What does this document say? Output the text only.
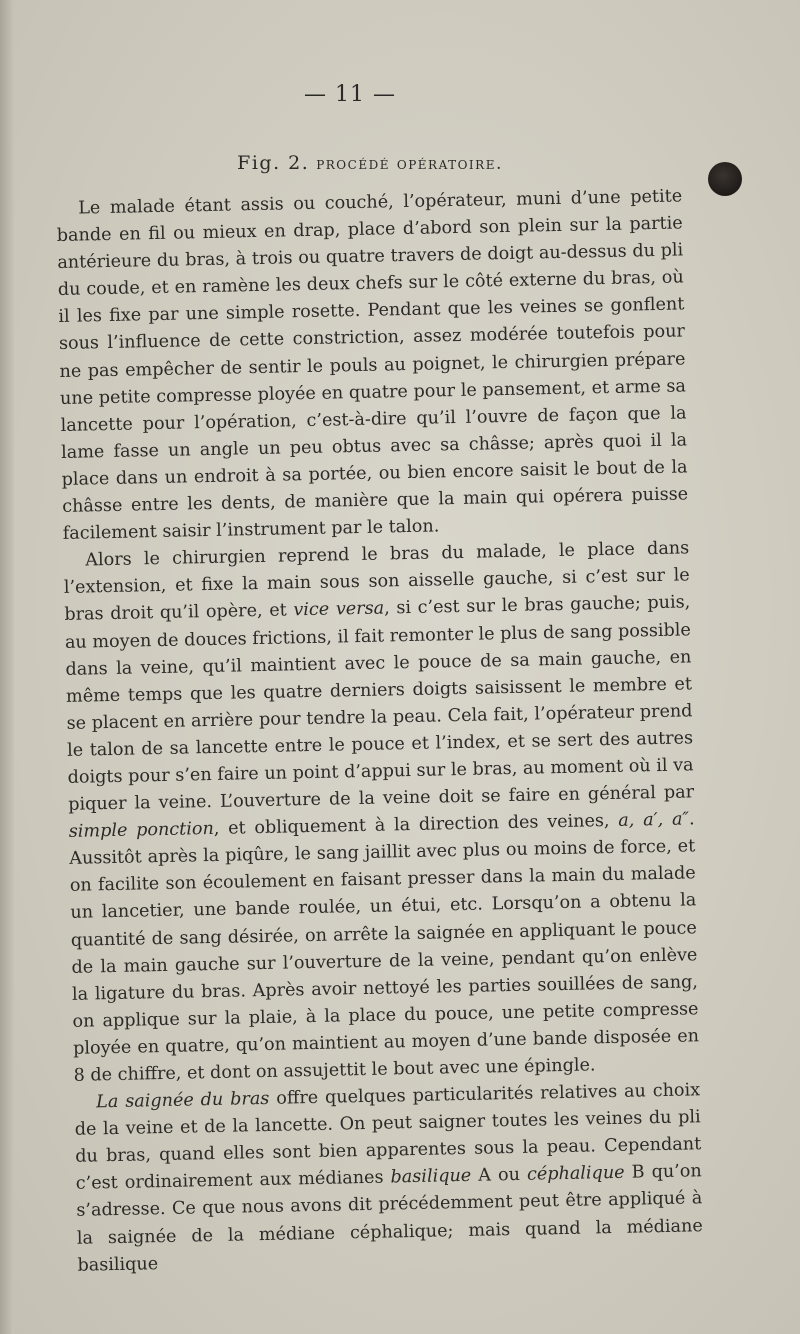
— 11 —
Fig. 2. procédé opératoire.

Le malade étant assis ou couché, l’opérateur, muni d’une petite bande en fil ou mieux en drap, place d’abord son plein sur la partie antérieure du bras, à trois ou quatre travers de doigt au-dessus du pli du coude, et en ramène les deux chefs sur le côté externe du bras, où il les fixe par une simple rosette. Pendant que les veines se gonflent sous l’influence de cette constriction, assez modérée toutefois pour ne pas empêcher de sentir le pouls au poignet, le chirurgien prépare une petite compresse ployée en quatre pour le pansement, et arme sa lancette pour l’opération, c’est-à-dire qu’il l’ouvre de façon que la lame fasse un angle un peu obtus avec sa châsse; après quoi il la place dans un endroit à sa portée, ou bien encore saisit le bout de la châsse entre les dents, de manière que la main qui opérera puisse facilement saisir l’instrument par le talon.

Alors le chirurgien reprend le bras du malade, le place dans l’extension, et fixe la main sous son aisselle gauche, si c’est sur le bras droit qu’il opère, et vice versa, si c’est sur le bras gauche; puis, au moyen de douces frictions, il fait remonter le plus de sang possible dans la veine, qu’il maintient avec le pouce de sa main gauche, en même temps que les quatre derniers doigts saisissent le membre et se placent en arrière pour tendre la peau. Cela fait, l’opérateur prend le talon de sa lancette entre le pouce et l’index, et se sert des autres doigts pour s’en faire un point d’appui sur le bras, au moment où il va piquer la veine. L’ouverture de la veine doit se faire en général par simple ponction, et obliquement à la direction des veines, a, a′, a″. Aussitôt après la piqûre, le sang jaillit avec plus ou moins de force, et on facilite son écoulement en faisant presser dans la main du malade un lancetier, une bande roulée, un étui, etc. Lorsqu’on a obtenu la quantité de sang désirée, on arrête la saignée en appliquant le pouce de la main gauche sur l’ouverture de la veine, pendant qu’on enlève la ligature du bras. Après avoir nettoyé les parties souillées de sang, on applique sur la plaie, à la place du pouce, une petite compresse ployée en quatre, qu’on maintient au moyen d’une bande disposée en 8 de chiffre, et dont on assujettit le bout avec une épingle.

La saignée du bras offre quelques particularités relatives au choix de la veine et de la lancette. On peut saigner toutes les veines du pli du bras, quand elles sont bien apparentes sous la peau. Cependant c’est ordinairement aux médianes basilique A ou céphalique B qu’on s’adresse. Ce que nous avons dit précédemment peut être appliqué à la saignée de la médiane céphalique; mais quand la médiane basilique
